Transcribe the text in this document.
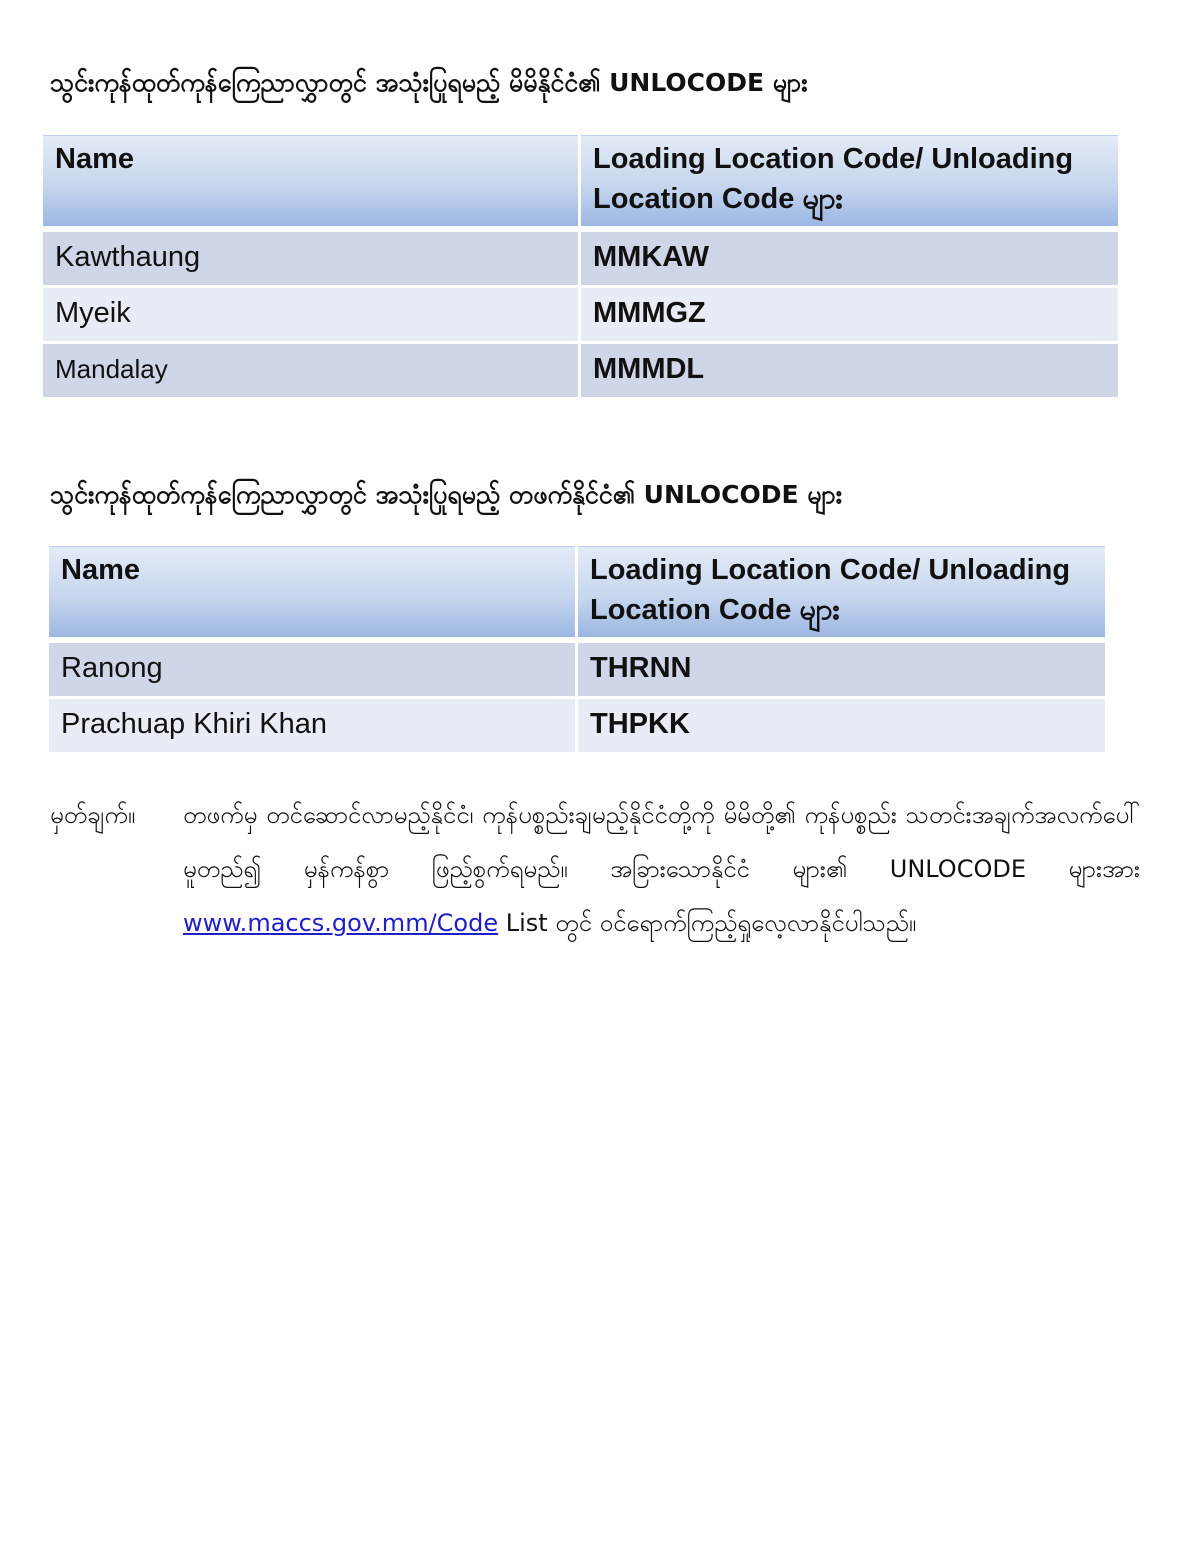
သွင်းကုန်ထုတ်ကုန်ကြေညာလွှာတွင် အသုံးပြုရမည့် မိမိနိုင်ငံ၏ UNLOCODE များ
Name	Loading Location Code/ Unloading Location Code များ
Kawthaung	MMKAW
Myeik	MMMGZ
Mandalay	MMMDL
သွင်းကုန်ထုတ်ကုန်ကြေညာလွှာတွင် အသုံးပြုရမည့် တဖက်နိုင်ငံ၏ UNLOCODE များ
Name	Loading Location Code/ Unloading Location Code များ
Ranong	THRNN
Prachuap Khiri Khan	THPKK
မှတ်ချက်။ တဖက်မှ တင်ဆောင်လာမည့်နိုင်ငံ၊ ကုန်ပစ္စည်းချမည့်နိုင်ငံတို့ကို မိမိတို့၏ ကုန်ပစ္စည်း သတင်းအချက်အလက်ပေါ်မူတည်၍ မှန်ကန်စွာ ဖြည့်စွက်ရမည်။ အခြားသောနိုင်ငံ များ၏ UNLOCODE များအား www.maccs.gov.mm/Code List တွင် ဝင်ရောက်ကြည့်ရှုလေ့လာနိုင်ပါသည်။
